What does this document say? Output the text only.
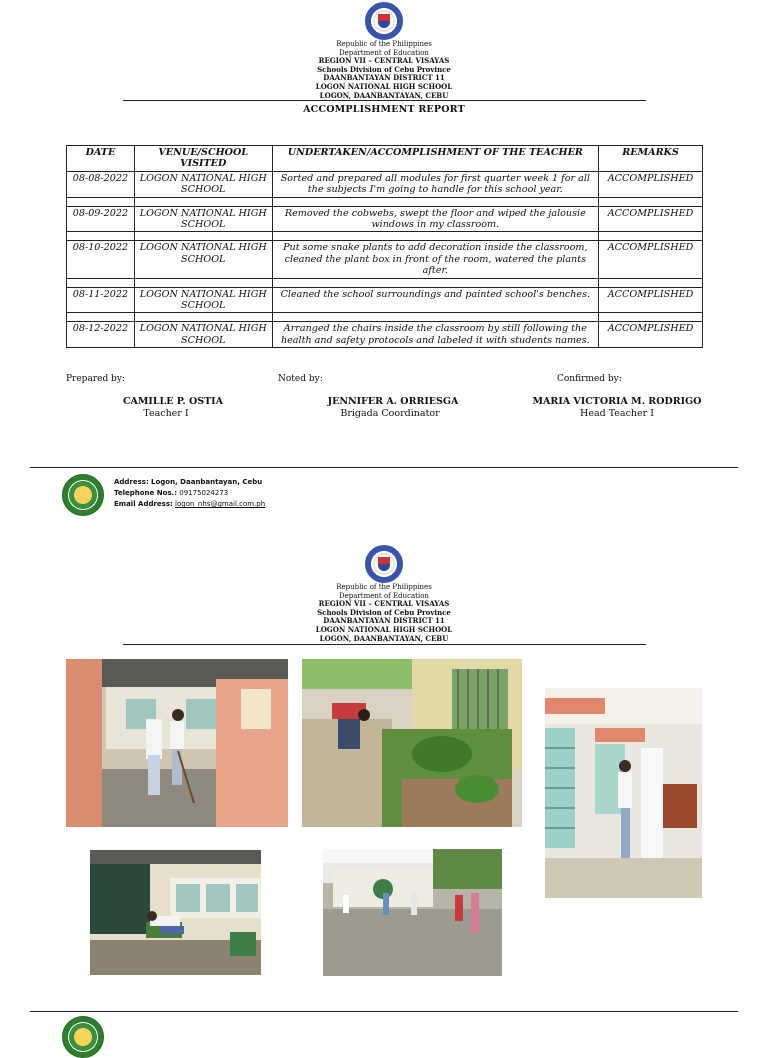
Republic of the Philippines

Department of Education

REGION VII – CENTRAL VISAYAS

Schools Division of Cebu Province

DAANBANTAYAN DISTRICT 11

LOGON NATIONAL HIGH SCHOOL

LOGON, DAANBANTAYAN, CEBU

ACCOMPLISHMENT REPORT
DATE	VENUE/SCHOOL VISITED	UNDERTAKEN/ACCOMPLISHMENT OF THE TEACHER	REMARKS
08-08-2022	LOGON NATIONAL HIGH SCHOOL	Sorted and prepared all modules for first quarter week 1 for all the subjects I'm going to handle for this school year.	ACCOMPLISHED

08-09-2022	LOGON NATIONAL HIGH SCHOOL	Removed the cobwebs, swept the floor and wiped the jalousie windows in my classroom.	ACCOMPLISHED

08-10-2022	LOGON NATIONAL HIGH SCHOOL	Put some snake plants to add decoration inside the classroom, cleaned the plant box in front of the room, watered the plants after.	ACCOMPLISHED

08-11-2022	LOGON NATIONAL HIGH SCHOOL	Cleaned the school surroundings and painted school's benches.	ACCOMPLISHED

08-12-2022	LOGON NATIONAL HIGH SCHOOL	Arranged the chairs inside the classroom by still following the health and safety protocols and labeled it with students names.	ACCOMPLISHED
Prepared by:	Noted by:	Confirmed by:
CAMILLE P. OSTIA
Teacher I
JENNIFER A. ORRIESGA
Brigada Coordinator
MARIA VICTORIA M. RODRIGO
Head Teacher I
Address: Logon, Daanbantayan, Cebu
Telephone Nos.: 09175024273
Email Address: logon_nhs@gmail.com.ph

Republic of the Philippines

Department of Education

REGION VII – CENTRAL VISAYAS

Schools Division of Cebu Province

DAANBANTAYAN DISTRICT 11

LOGON NATIONAL HIGH SCHOOL

LOGON, DAANBANTAYAN, CEBU
